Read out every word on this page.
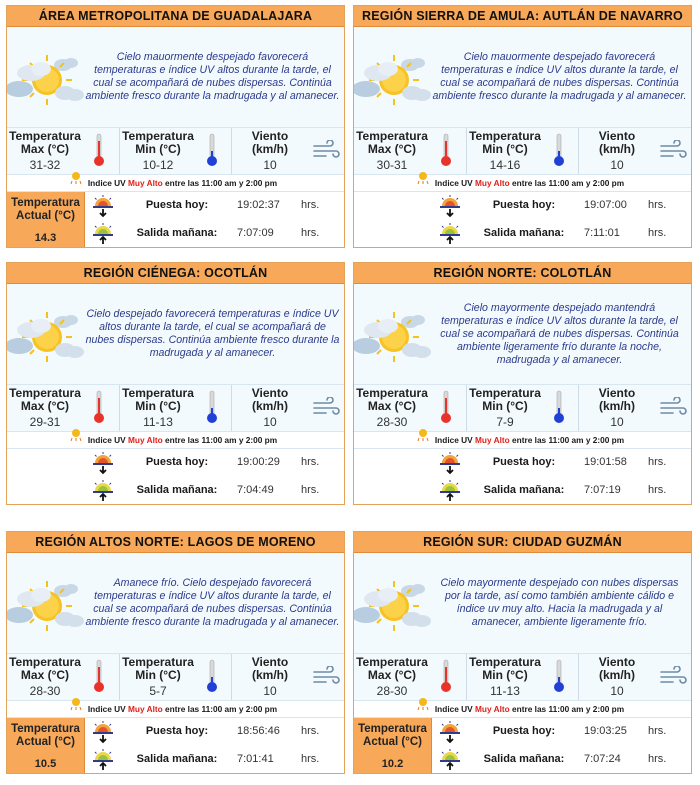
ÁREA METROPOLITANA DE GUADALAJARA
Cielo mauormente despejado favorecerá temperaturas e índice UV altos durante la tarde, el cual se acompañará de nubes dispersas. Continúa ambiente fresco durante la madrugada y al amanecer.
Temperatura
Max (°C)
31-32
Temperatura
Min (°C)
10-12
Viento
(km/h)
10
Indice UV Muy Alto entre las 11:00 am y 2:00 pm
Temperatura
Actual (°C)
14.3
Puesta hoy:	19:02:37 hrs.
Salida mañana:	7:07:09 hrs.
REGIÓN SIERRA DE AMULA: AUTLÁN DE NAVARRO
Cielo mauormente despejado favorecerá temperaturas e índice UV altos durante la tarde, el cual se acompañará de nubes dispersas. Continúa ambiente fresco durante la madrugada y al amanecer.
Temperatura
Max (°C)
30-31
Temperatura
Min (°C)
14-16
Viento
(km/h)
10
Indice UV Muy Alto entre las 11:00 am y 2:00 pm
Puesta hoy:	19:07:00 hrs.
Salida mañana:	7:11:01	hrs.
REGIÓN CIÉNEGA: OCOTLÁN
Cielo despejado favorecerá temperaturas e índice UV altos durante la tarde, el cual se acompañará de nubes dispersas. Continúa ambiente fresco durante la madrugada y al amanecer.
Temperatura
Max (°C)
29-31
Temperatura
Min (°C)
11-13
Viento
(km/h)
10
Indice UV Muy Alto entre las 11:00 am y 2:00 pm
Puesta hoy:	19:00:29 hrs.
Salida mañana:	7:04:49 hrs.
REGIÓN NORTE: COLOTLÁN
Cielo mayormente despejado mantendrá temperaturas e índice UV altos durante la tarde, el cual se acompañará de nubes dispersas. Continúa ambiente ligeramente frío durante la noche, madrugada y al amanecer.
Temperatura
Max (°C)
28-30
Temperatura
Min (°C)
7-9
Viento
(km/h)
10
Indice UV Muy Alto entre las 11:00 am y 2:00 pm
Puesta hoy:	19:01:58 hrs.
Salida mañana:	7:07:19 hrs.
REGIÓN ALTOS NORTE: LAGOS DE MORENO
Amanece frío. Cielo despejado favorecerá temperaturas e índice UV altos durante la tarde, el cual se acompañará de nubes dispersas. Continúa ambiente fresco durante la madrugada y al amanecer.
Temperatura
Max (°C)
28-30
Temperatura
Min (°C)
5-7
Viento
(km/h)
10
Indice UV Muy Alto entre las 11:00 am y 2:00 pm
Temperatura
Actual (°C)
10.5
Puesta hoy:	18:56:46 hrs.
Salida mañana:	7:01:41 hrs.
REGIÓN SUR: CIUDAD GUZMÁN
Cielo mayormente despejado con nubes dispersas por la tarde, así como también ambiente cálido e índice uv muy alto. Hacia la madrugada y al amanecer, ambiente ligeramente frío.
Temperatura
Max (°C)
28-30
Temperatura
Min (°C)
11-13
Viento
(km/h)
10
Indice UV Muy Alto entre las 11:00 am y 2:00 pm
Temperatura
Actual (°C)
10.2
Puesta hoy:	19:03:25 hrs.
Salida mañana:	7:07:24 hrs.
